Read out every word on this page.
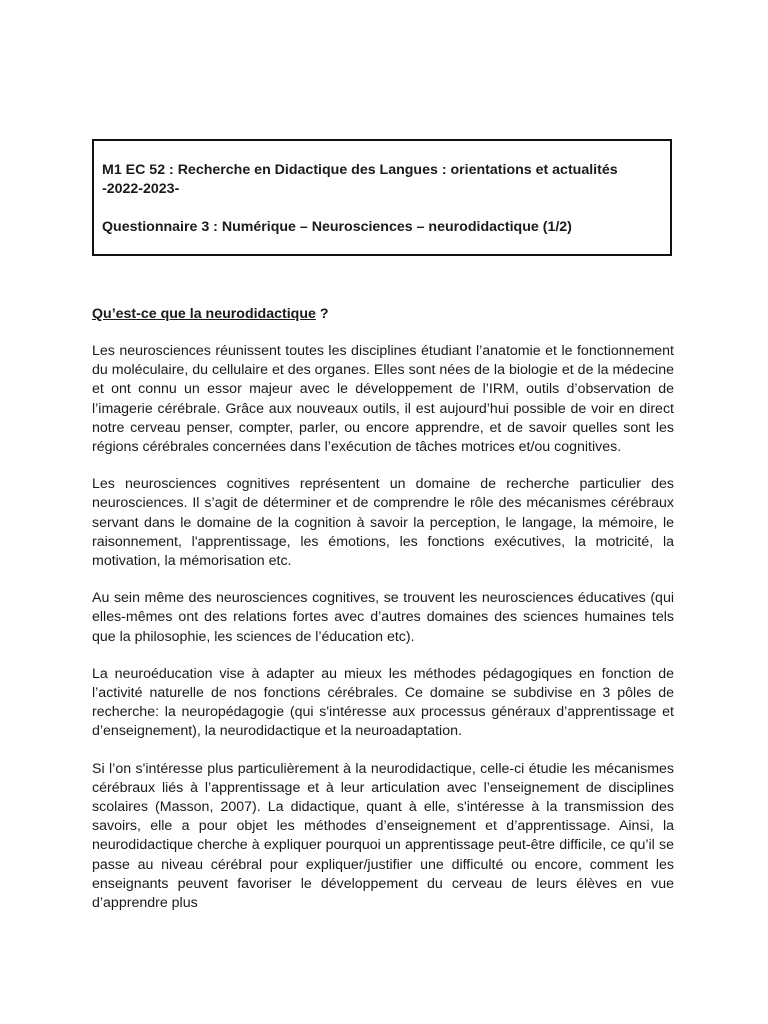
M1 EC 52 : Recherche en Didactique des Langues : orientations et actualités

-2022-2023-

Questionnaire 3 : Numérique – Neurosciences – neurodidactique (1/2)

Qu’est-ce que la neurodidactique ?

Les neurosciences réunissent toutes les disciplines étudiant l’anatomie et le fonctionnement du moléculaire, du cellulaire et des organes. Elles sont nées de la biologie et de la médecine et ont connu un essor majeur avec le développement de l’IRM, outils d’observation de l’imagerie cérébrale. Grâce aux nouveaux outils, il est aujourd’hui possible de voir en direct notre cerveau penser, compter, parler, ou encore apprendre, et de savoir quelles sont les régions cérébrales concernées dans l’exécution de tâches motrices et/ou cognitives.

Les neurosciences cognitives représentent un domaine de recherche particulier des neurosciences. Il s’agit de déterminer et de comprendre le rôle des mécanismes cérébraux servant dans le domaine de la cognition à savoir la perception, le langage, la mémoire, le raisonnement, l'apprentissage, les émotions, les fonctions exécutives, la motricité, la motivation, la mémorisation etc.

Au sein même des neurosciences cognitives, se trouvent les neurosciences éducatives (qui elles-mêmes ont des relations fortes avec d’autres domaines des sciences humaines tels que la philosophie, les sciences de l’éducation etc).

La neuroéducation vise à adapter au mieux les méthodes pédagogiques en fonction de l’activité naturelle de nos fonctions cérébrales. Ce domaine se subdivise en 3 pôles de recherche: la neuropédagogie (qui s'intéresse aux processus généraux d’apprentissage et d’enseignement), la neurodidactique et la neuroadaptation.

Si l’on s'intéresse plus particulièrement à la neurodidactique, celle-ci étudie les mécanismes cérébraux liés à l’apprentissage et à leur articulation avec l’enseignement de disciplines scolaires (Masson, 2007). La didactique, quant à elle, s'intéresse à la transmission des savoirs, elle a pour objet les méthodes d’enseignement et d’apprentissage. Ainsi, la neurodidactique cherche à expliquer pourquoi un apprentissage peut-être difficile, ce qu’il se passe au niveau cérébral pour expliquer/justifier une difficulté ou encore, comment les enseignants peuvent favoriser le développement du cerveau de leurs élèves en vue d’apprendre plus
